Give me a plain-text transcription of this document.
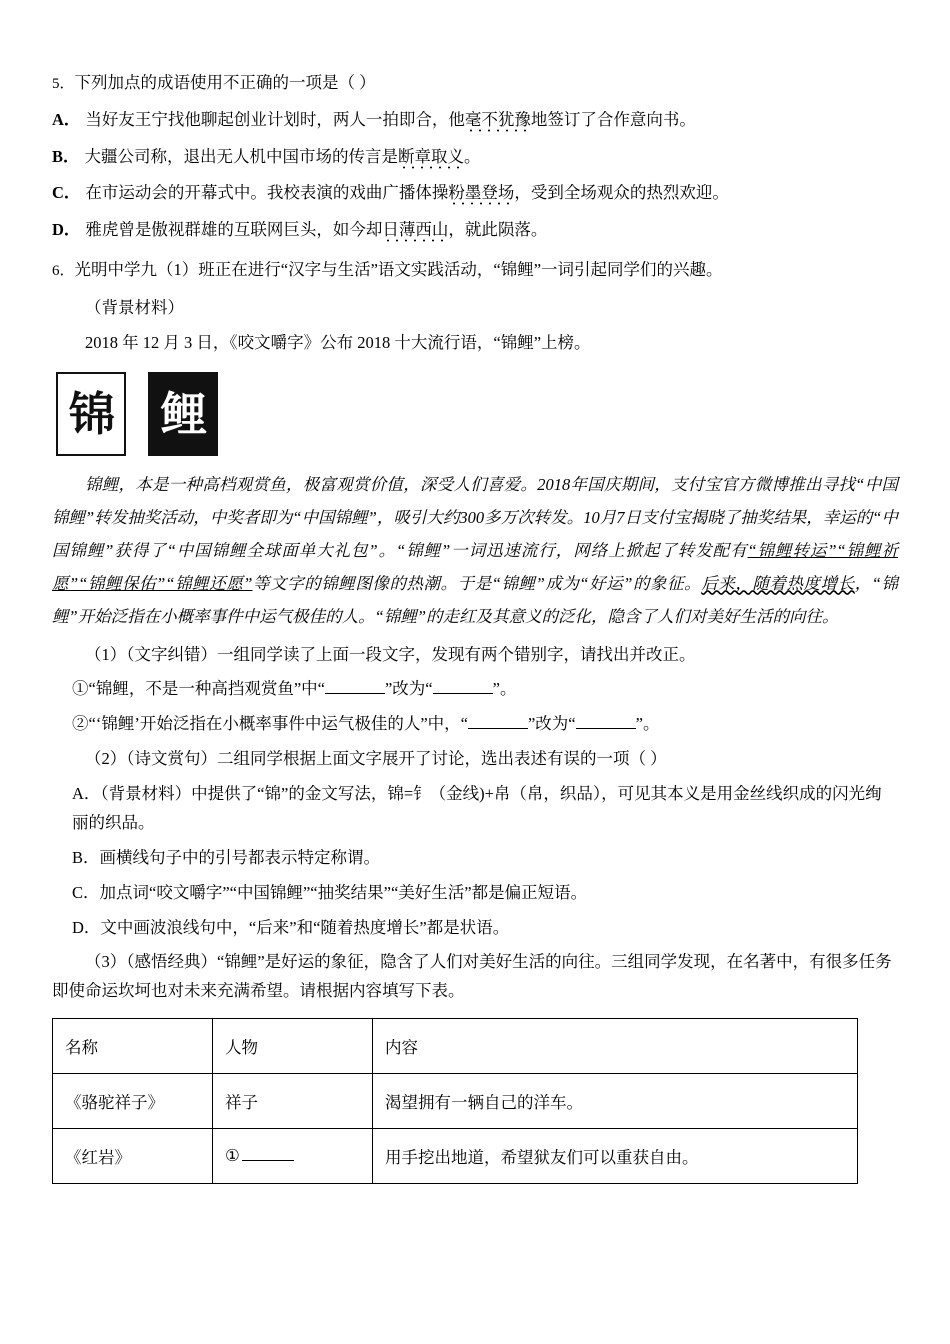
5．下列加点的成语使用不正确的一项是（ ）
A． 当好友王宁找他聊起创业计划时，两人一拍即合，他毫不犹豫地签订了合作意向书。
B． 大疆公司称，退出无人机中国市场的传言是断章取义。
C． 在市运动会的开幕式中。我校表演的戏曲广播体操粉墨登场，受到全场观众的热烈欢迎。
D． 雅虎曾是傲视群雄的互联网巨头，如今却日薄西山，就此陨落。
6．光明中学九（1）班正在进行“汉字与生活”语文实践活动，“锦鲤”一词引起同学们的兴趣。
（背景材料）
2018 年 12 月 3 日，《咬文嚼字》公布 2018 十大流行语，“锦鲤”上榜。
锦 鲤
锦鲤，本是一种高档观赏鱼，极富观赏价值，深受人们喜爱。2018年国庆期间，支付宝官方微博推出寻找“中国锦鲤”转发抽奖活动，中奖者即为“中国锦鲤”，吸引大约300多万次转发。10月7日支付宝揭晓了抽奖结果，幸运的“中国锦鲤”获得了“中国锦鲤全球面单大礼包”。“锦鲤”一词迅速流行，网络上掀起了转发配有“锦鲤转运”“锦鲤祈愿”“锦鲤保佑”“锦鲤还愿”等文字的锦鲤图像的热潮。于是“锦鲤”成为“好运”的象征。后来，随着热度增长，“锦鲤”开始泛指在小概率事件中运气极佳的人。“锦鲤”的走红及其意义的泛化，隐含了人们对美好生活的向往。
（1）（文字纠错）一组同学读了上面一段文字，发现有两个错别字，请找出并改正。
①“锦鲤，不是一种高挡观赏鱼”中“	”改为“	”。
②“‘锦鲤’开始泛指在小概率事件中运气极佳的人”中，“	”改为“	”。
（2）（诗文赏句）二组同学根据上面文字展开了讨论，选出表述有误的一项（ ）
A．（背景材料）中提供了“锦”的金文写法，锦=钅（金线)+帛（帛，织品），可见其本义是用金丝线织成的闪光绚丽的织品。
B．画横线句子中的引号都表示特定称谓。
C．加点词“咬文嚼字”“中国锦鲤”“抽奖结果”“美好生活”都是偏正短语。
D．文中画波浪线句中，“后来”和“随着热度增长”都是状语。
（3）（感悟经典）“锦鲤”是好运的象征，隐含了人们对美好生活的向往。三组同学发现，在名著中，有很多任务即使命运坎坷也对未来充满希望。请根据内容填写下表。
名称	人物	内容
《骆驼祥子》	祥子	渴望拥有一辆自己的洋车。
《红岩》	①	用手挖出地道，希望狱友们可以重获自由。
